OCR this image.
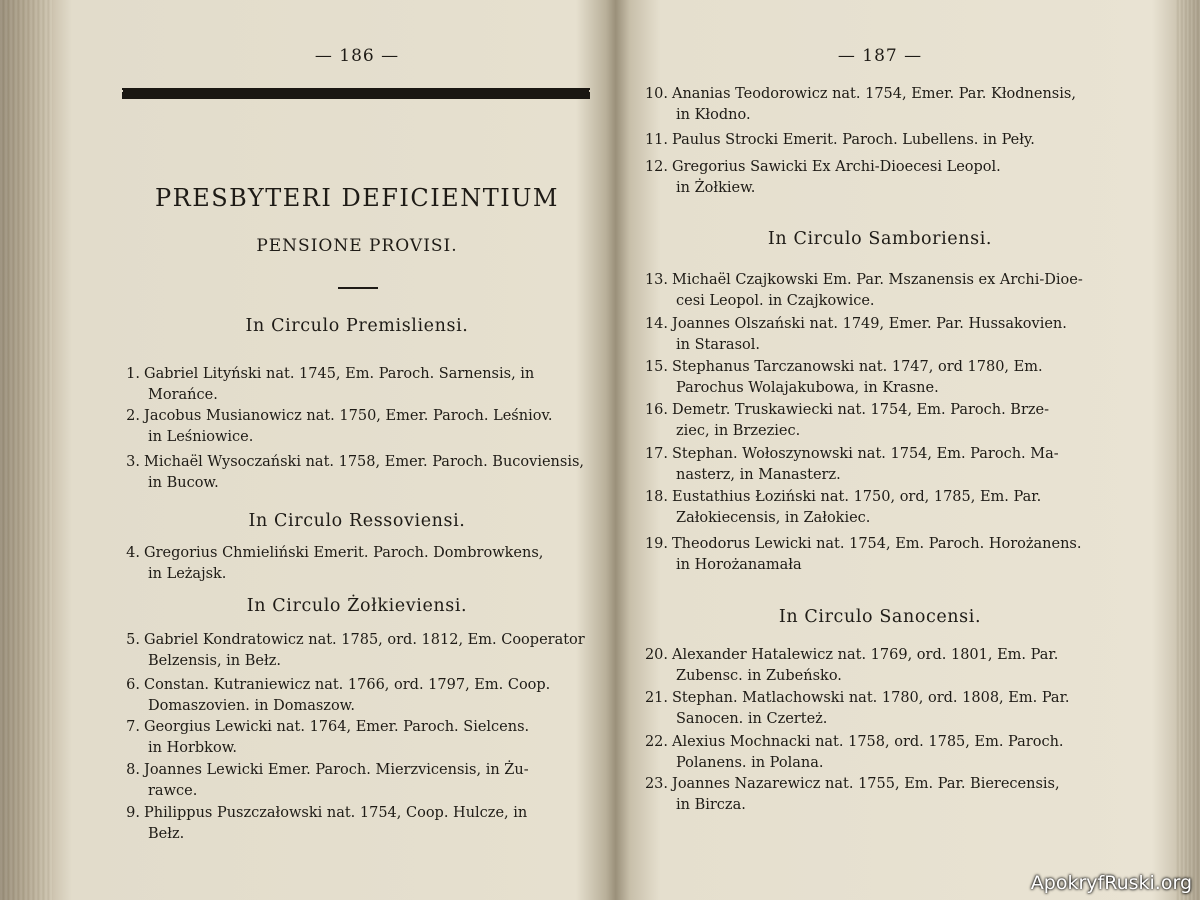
— 186 —
PRESBYTERI DEFICIENTIUM
PENSIONE PROVISI.
In Circulo Premisliensi.
1. Gabriel Lityński nat. 1745, Em. Paroch. Sarnensis, in
Morańce.
2. Jacobus Musianowicz nat. 1750, Emer. Paroch. Leśniov.
in Leśniowice.
3. Michaël Wysoczański nat. 1758, Emer. Paroch. Bucoviensis,
in Bucow.
In Circulo Ressoviensi.
4. Gregorius Chmieliński Emerit. Paroch. Dombrowkens,
in Leżajsk.
In Circulo Żołkieviensi.
5. Gabriel Kondratowicz nat. 1785, ord. 1812, Em. Cooperator
Belzensis, in Bełz.
6. Constan. Kutraniewicz nat. 1766, ord. 1797, Em. Coop.
Domaszovien. in Domaszow.
7. Georgius Lewicki nat. 1764, Emer. Paroch. Sielcens.
in Horbkow.
8. Joannes Lewicki Emer. Paroch. Mierzvicensis, in Żu-
rawce.
9. Philippus Puszczałowski nat. 1754, Coop. Hulcze, in
Bełz.
— 187 —
10. Ananias Teodorowicz nat. 1754, Emer. Par. Kłodnensis,
in Kłodno.
11. Paulus Strocki Emerit. Paroch. Lubellens. in Peły.
12. Gregorius Sawicki Ex Archi-Dioecesi Leopol.
in Żołkiew.
In Circulo Samboriensi.
13. Michaël Czajkowski Em. Par. Mszanensis ex Archi-Dioe-
cesi Leopol. in Czajkowice.
14. Joannes Olszański nat. 1749, Emer. Par. Hussakovien.
in Starasol.
15. Stephanus Tarczanowski nat. 1747, ord 1780, Em.
Parochus Wolajakubowa, in Krasne.
16. Demetr. Truskawiecki nat. 1754, Em. Paroch. Brze-
ziec, in Brzeziec.
17. Stephan. Wołoszynowski nat. 1754, Em. Paroch. Ma-
nasterz, in Manasterz.
18. Eustathius Łoziński nat. 1750, ord, 1785, Em. Par.
Załokiecensis, in Załokiec.
19. Theodorus Lewicki nat. 1754, Em. Paroch. Horożanens.
in Horożanamała
In Circulo Sanocensi.
20. Alexander Hatalewicz nat. 1769, ord. 1801, Em. Par.
Zubensc. in Zubeńsko.
21. Stephan. Matlachowski nat. 1780, ord. 1808, Em. Par.
Sanocen. in Czerteż.
22. Alexius Mochnacki nat. 1758, ord. 1785, Em. Paroch.
Polanens. in Polana.
23. Joannes Nazarewicz nat. 1755, Em. Par. Bierecensis,
in Bircza.
ApokryfRuski.org
